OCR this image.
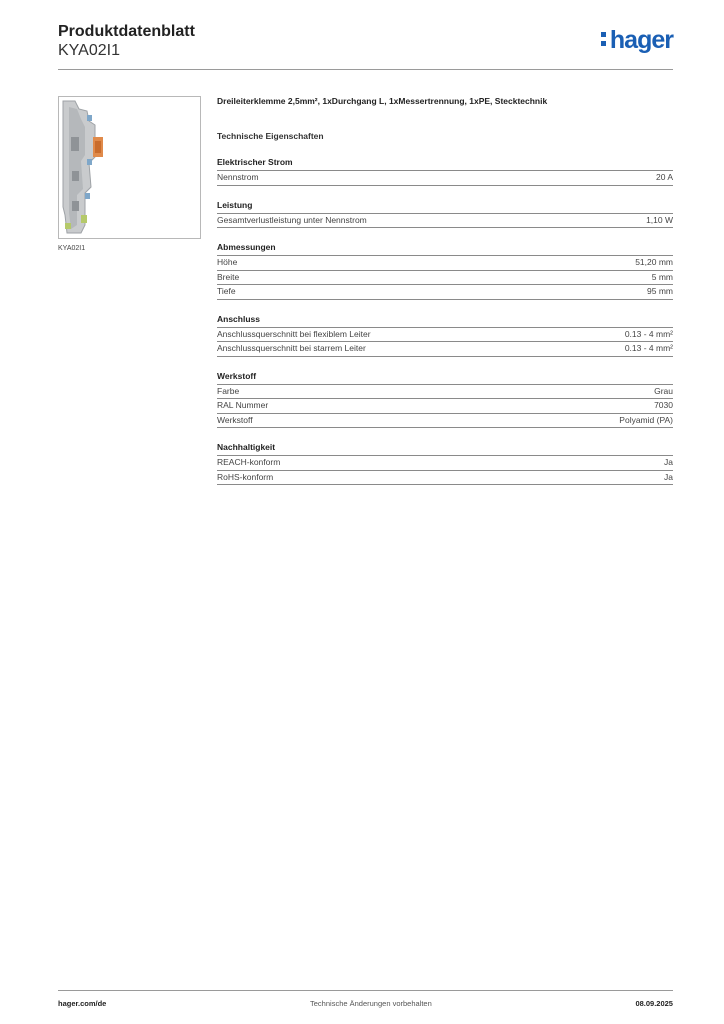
Produktdatenblatt
KYA02I1	hager
KYA02I1
Dreileiterklemme 2,5mm², 1xDurchgang L, 1xMessertrennung, 1xPE, Stecktechnik
Technische Eigenschaften
Elektrischer Strom
Nennstrom	20 A
Leistung
Gesamtverlustleistung unter Nennstrom	1,10 W
Abmessungen
Höhe	51,20 mm
Breite	5 mm
Tiefe	95 mm
Anschluss
Anschlussquerschnitt bei flexiblem Leiter	0.13 - 4 mm²
Anschlussquerschnitt bei starrem Leiter	0.13 - 4 mm²
Werkstoff
Farbe	Grau
RAL Nummer	7030
Werkstoff	Polyamid (PA)
Nachhaltigkeit
REACH-konform	Ja
RoHS-konform	Ja
hager.com/de	Technische Änderungen vorbehalten	08.09.2025
